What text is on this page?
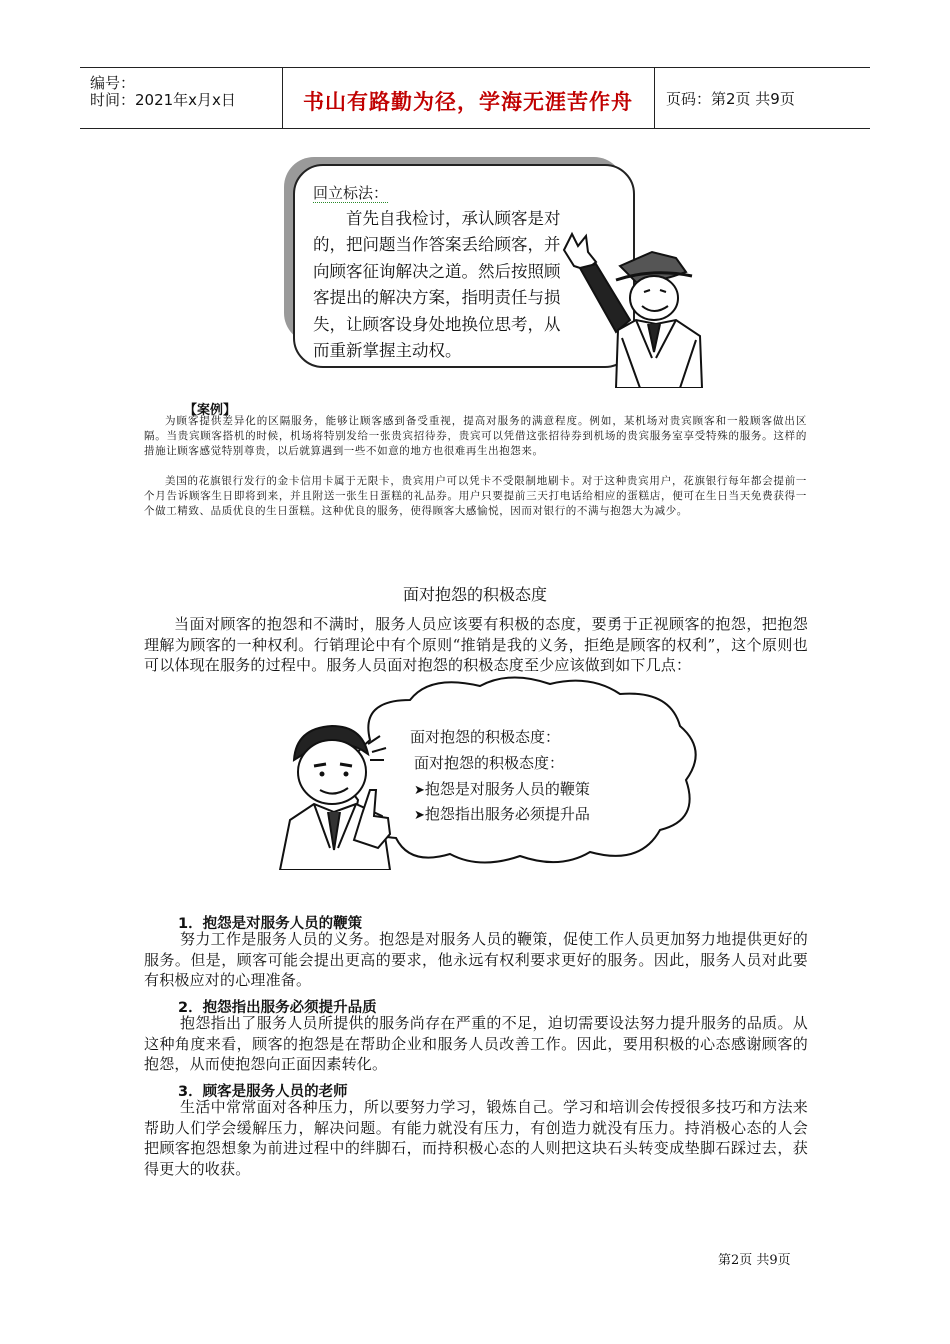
编号：
时间：2021年x月x日	书山有路勤为径，学海无涯苦作舟	页码：第2页 共9页
回立标法：
首先自我检讨，承认顾客是对的，把问题当作答案丢给顾客，并向顾客征询解决之道。然后按照顾客提出的解决方案，指明责任与损失，让顾客设身处地换位思考，从而重新掌握主动权。
【案例】
为顾客提供差异化的区隔服务，能够让顾客感到备受重视，提高对服务的满意程度。例如，某机场对贵宾顾客和一般顾客做出区隔。当贵宾顾客搭机的时候，机场将特别发给一张贵宾招待券，贵宾可以凭借这张招待券到机场的贵宾服务室享受特殊的服务。这样的措施让顾客感觉特别尊贵，以后就算遇到一些不如意的地方也很难再生出抱怨来。
美国的花旗银行发行的金卡信用卡属于无限卡，贵宾用户可以凭卡不受限制地刷卡。对于这种贵宾用户，花旗银行每年都会提前一个月告诉顾客生日即将到来，并且附送一张生日蛋糕的礼品券。用户只要提前三天打电话给相应的蛋糕店，便可在生日当天免费获得一个做工精致、品质优良的生日蛋糕。这种优良的服务，使得顾客大感愉悦，因而对银行的不满与抱怨大为减少。
面对抱怨的积极态度
当面对顾客的抱怨和不满时，服务人员应该要有积极的态度，要勇于正视顾客的抱怨，把抱怨理解为顾客的一种权利。行销理论中有个原则“推销是我的义务，拒绝是顾客的权利”，这个原则也可以体现在服务的过程中。服务人员面对抱怨的积极态度至少应该做到如下几点：
面对抱怨的积极态度：
面对抱怨的积极态度：
➤抱怨是对服务人员的鞭策
➤抱怨指出服务必须提升品
1．抱怨是对服务人员的鞭策
努力工作是服务人员的义务。抱怨是对服务人员的鞭策，促使工作人员更加努力地提供更好的服务。但是，顾客可能会提出更高的要求，他永远有权利要求更好的服务。因此，服务人员对此要有积极应对的心理准备。
2．抱怨指出服务必须提升品质
抱怨指出了服务人员所提供的服务尚存在严重的不足，迫切需要设法努力提升服务的品质。从这种角度来看，顾客的抱怨是在帮助企业和服务人员改善工作。因此，要用积极的心态感谢顾客的抱怨，从而使抱怨向正面因素转化。
3．顾客是服务人员的老师
生活中常常面对各种压力，所以要努力学习，锻炼自己。学习和培训会传授很多技巧和方法来帮助人们学会缓解压力，解决问题。有能力就没有压力，有创造力就没有压力。持消极心态的人会把顾客抱怨想象为前进过程中的绊脚石，而持积极心态的人则把这块石头转变成垫脚石踩过去，获得更大的收获。
第2页 共9页
